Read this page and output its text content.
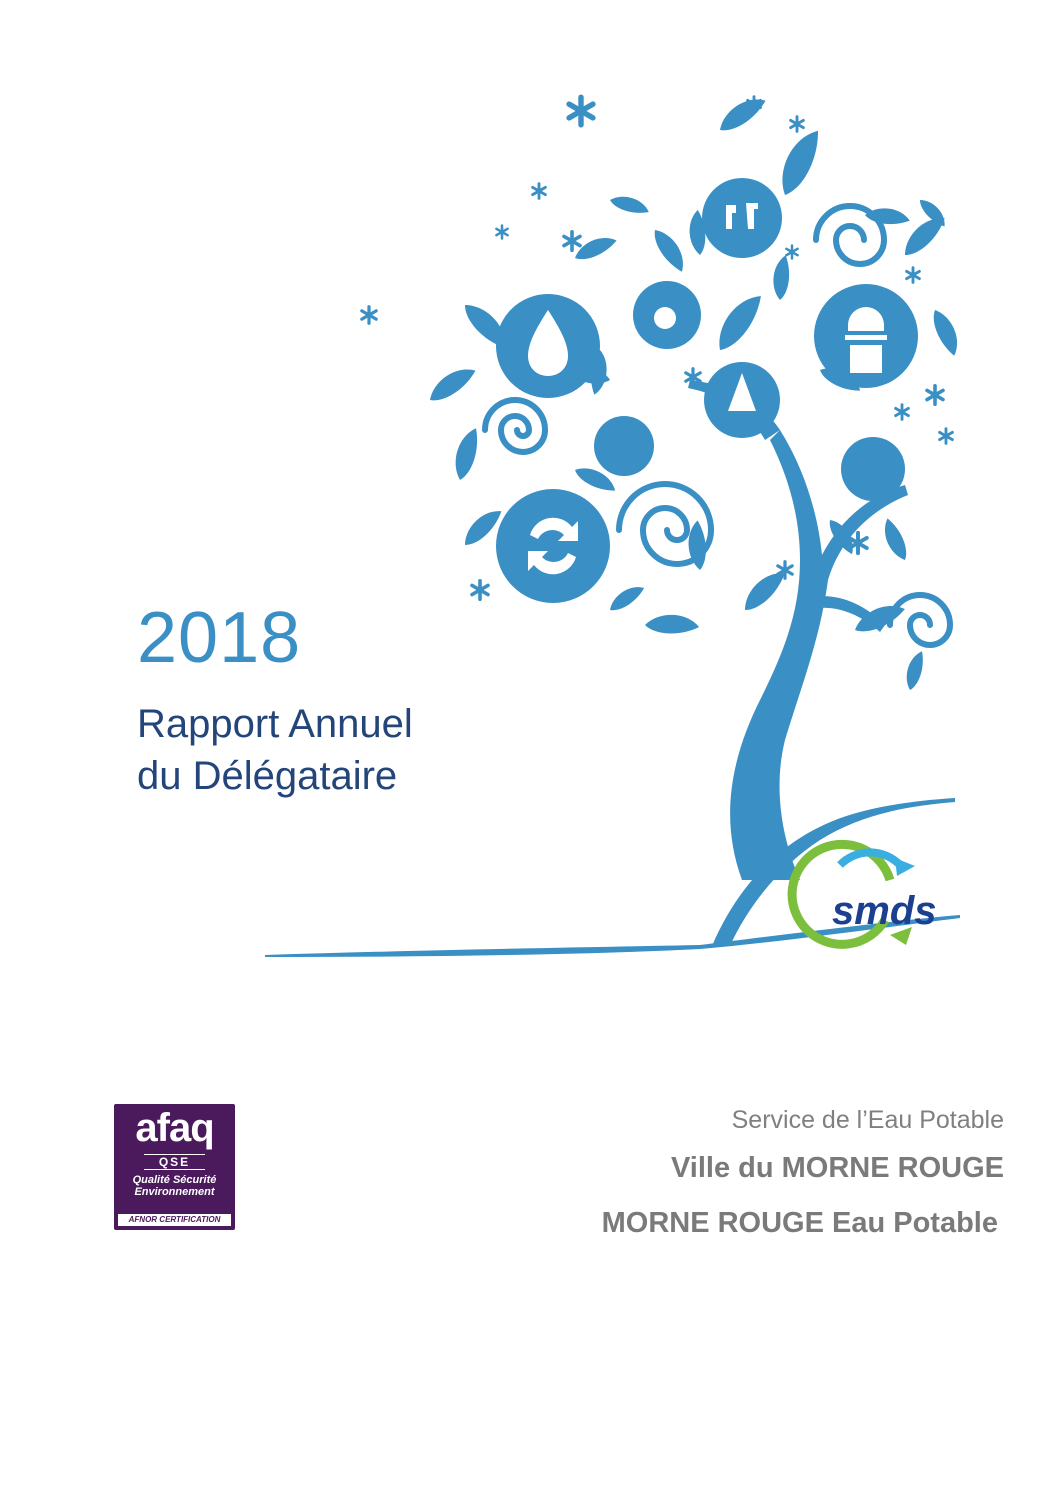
smds
2018
Rapport Annuel
du Délégataire
afaq
QSE
Qualité Sécurité
Environnement
AFNOR CERTIFICATION
Service de l’Eau Potable
Ville du MORNE ROUGE
MORNE ROUGE Eau Potable
